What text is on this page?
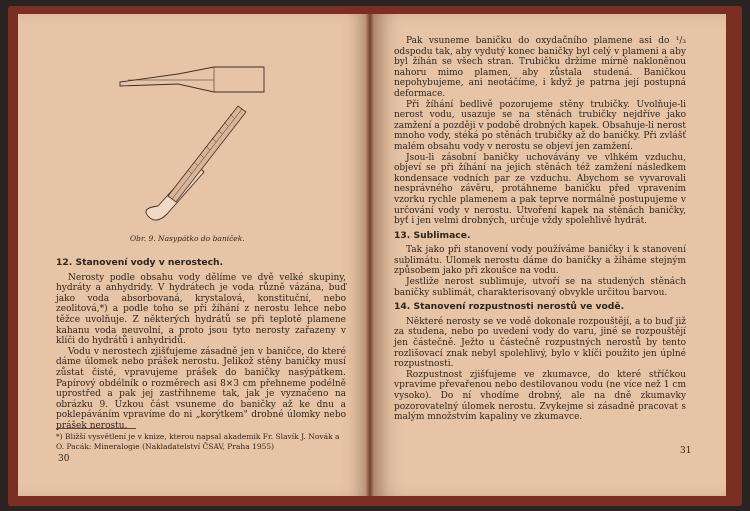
Obr. 9. Nasypátko do baniček.
12. Stanovení vody v nerostech.

Nerosty podle obsahu vody dělíme ve dvě velké skupiny, hydráty a anhydridy. V hydrátech je voda různě vázána, buď jako voda absorbovaná, krystalová, konstituční, nebo zeolitová,*) a podle toho se při žíhání z nerostu lehce nebo těžce uvolňuje. Z některých hydrátů se při teplotě plamene kahanu voda neuvolní, a proto jsou tyto nerosty zařazeny v klíči do hydrátů i anhydridů.

Vodu v nerostech zjišťujeme zásadně jen v baničce, do které dáme úlomek nebo prášek nerostu. Jelikož stěny baničky musí zůstat čisté, vpravujeme prášek do baničky nasýpátkem. Papírový obdélník o rozměrech asi 8×3 cm přehneme podélně uprostřed a pak jej zastřihneme tak, jak je vyznačeno na obrázku 9. Úzkou část vsuneme do baničky až ke dnu a poklepáváním vpravíme do ni „korýtkem" drobné úlomky nebo prášek nerostu.

*) Bližší vysvětlení je v knize, kterou napsal akademik Fr. Slavík J. Novák a O. Pacák: Mineralogie (Nakladatelství ČSAV, Praha 1955)
30

Pak vsuneme baničku do oxydačního plamene asi do ¹/₃ odspodu tak, aby vydutý konec baničky byl celý v plameni a aby byl žíhán se všech stran. Trubičku držíme mírně nakloněnou nahoru mimo plamen, aby zůstala studená. Baničkou nepohybujeme, ani neotáčíme, i když je patrna její postupná deformace.

Při žíhání bedlivě pozorujeme stěny trubičky. Uvolňuje-li nerost vodu, usazuje se na stěnách trubičky nejdříve jako zamžení a později v podobě drobných kapek. Obsahuje-li nerost mnoho vody, stéká po stěnách trubičky až do baničky. Při zvlášť malém obsahu vody v nerostu se objeví jen zamžení.

Jsou-li zásobní baničky uchovávány ve vlhkém vzduchu, objeví se při žíhání na jejich stěnách též zamžení následkem kondensace vodních par ze vzduchu. Abychom se vyvarovali nesprávného závěru, protáhneme baničku před vpravením vzorku rychle plamenem a pak teprve normálně postupujeme v určování vody v nerostu. Utvoření kapek na stěnách baničky, byť i jen velmi drobných, určuje vždy spolehlivě hydrát.

13. Sublimace.

Tak jako při stanovení vody používáme baničky i k stanovení sublimátu. Úlomek nerostu dáme do baničky a žíháme stejným způsobem jako při zkoušce na vodu.

Jestliže nerost sublimuje, utvoří se na studených stěnách baničky sublimát, charakterisovaný obvykle určitou barvou.

14. Stanovení rozpustnosti nerostů ve vodě.

Některé nerosty se ve vodě dokonale rozpouštějí, a to buď již za studena, nebo po uvedení vody do varu, jiné se rozpouštějí jen částečně. Ježto u částečně rozpustných nerostů by tento rozlišovací znak nebyl spolehlivý, bylo v klíči použito jen úplné rozpustnosti.

Rozpustnost zjišťujeme ve zkumavce, do které stříčkou vpravíme převařenou nebo destilovanou vodu (ne více než 1 cm vysoko). Do ní vhodíme drobný, ale na dně zkumavky pozorovatelný úlomek nerostu. Zvykejme si zásadně pracovat s malým množstvím kapaliny ve zkumavce.

31
